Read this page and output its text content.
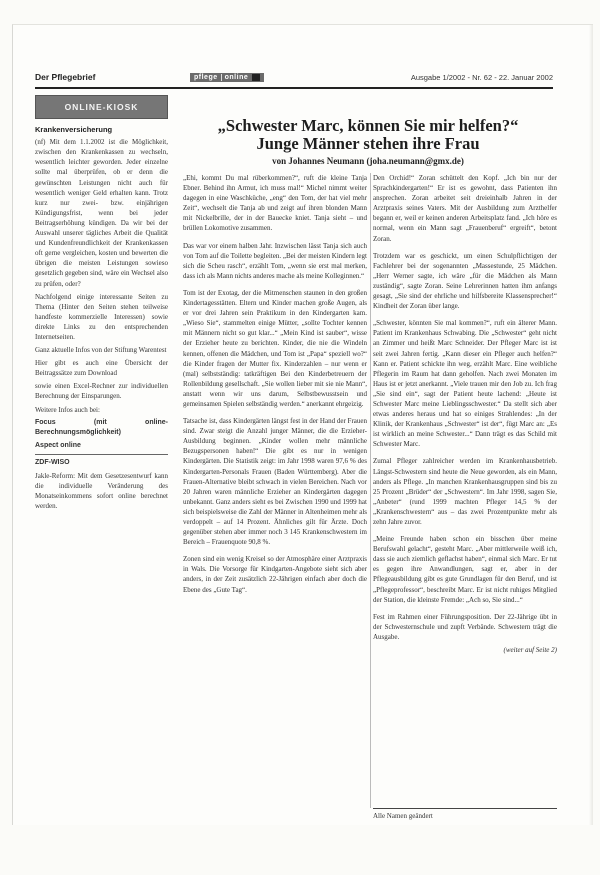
Der Pflegebrief	pflege online	Ausgabe 1/2002 - Nr. 62 - 22. Januar 2002
ONLINE-KIOSK
Krankenversicherung

(nf) Mit dem 1.1.2002 ist die Möglichkeit, zwischen den Krankenkassen zu wechseln, wesentlich leichter geworden. Jeder einzelne sollte mal überprüfen, ob er denn die gewünschten Leistungen nicht auch für wesentlich weniger Geld erhalten kann. Trotz kurz nur zwei- bzw. einjährigen Kündigungsfrist, wenn bei jeder Beitragserhöhung kündigen. Da wir bei der Auswahl unserer tägliches Arbeit die Qualität und Kundenfreundlichkeit der Krankenkassen oft gerne vergleichen, kosten und bewerten die übrigen die meisten Leistungen sowieso gesetzlich gegeben sind, wäre ein Wechsel also zu prüfen, oder?

Nachfolgend einige interessante Seiten zu Thema (Hinter den Seiten stehen teilweise handfeste kommerzielle Interessen) sowie direkte Links zu den entsprechenden Internetseiten.

Ganz aktuelle Infos von der Stiftung Warentest

Hier gibt es auch eine Übersicht der Beitragssätze zum Download

sowie einen Excel-Rechner zur individuellen Berechnung der Einsparungen.

Weitere Infos auch bei:

Focus (mit online-Berechnungsmöglichkeit)

Aspect online

ZDF-WISO

Jakle-Reform: Mit dem Gesetzesentwurf kann die individuelle Veränderung des Monatseinkommens sofort online berechnet werden.

„Schwester Marc, können Sie mir helfen?“
Junge Männer stehen ihre Frau
von Johannes Neumann (joha.neumann@gmx.de)

„Ehi, kommt Du mal rüberkommen?“, ruft die kleine Tanja Ebner. Behind ihn Armut, ich muss mal!“ Michel nimmt weiter dagegen in eine Waschküche, „eng“ den Tom, der hat viel mehr Zeit“, wechselt die Tanja ab und zeigt auf ihren blonden Mann mit Nickelbrille, der in der Bauecke kniet. Tanja sieht – und brüllen Lokomotive zusammen.

Das war vor einem halben Jahr. Inzwischen lässt Tanja sich auch von Tom auf die Toilette begleiten. „Bei der meisten Kindern legt sich die Scheu rasch“, erzählt Tom, „wenn sie erst mal merken, dass ich als Mann nichts anderes mache als meine Kolleginnen.“

Tom ist der Exotag, der die Mitmenschen staunen in den großen Kindertagesstätten. Eltern und Kinder machen große Augen, als er vor drei Jahren sein Praktikum in den Kindergarten kam. „Wieso Sie“, stammelten einige Mütter, „sollte Tochter kennen mit Männern nicht so gut klar...“ „Mein Kind ist sauber“, wisse der Erzieher heute zu berichten. Kinder, die nie die Windeln kennen, offenen die Mädchen, und Tom ist „Papa“ speziell wo?“ die Kinder fragen der Mutter fix. Kinderzahlen – nur wenn er (mal) selbstständig: tatkräftigen Bei den Kinderbetreuern der Rollenbildung gesellschaft. „Sie wollen lieber mit sie nie Mann“, anstatt wenn wir uns darum, Selbstbewusstsein und gemeinsamen Spielen selbständig werden.“ anerkannt ehrgeizig.

Tatsache ist, dass Kindergärten längst fest in der Hand der Frauen sind. Zwar steigt die Anzahl junger Männer, die die Erzieher-Ausbildung beginnen. „Kinder wollen mehr männliche Bezugspersonen haben!“ Die gibt es nur in wenigen Kindergärten. Die Statistik zeigt: im Jahr 1998 waren 97,6 % des Kindergarten-Personals Frauen (Baden Württemberg). Aber die Frauen-Alternative bleibt schwach in vielen Bereichen. Nach vor 20 Jahren waren männliche Erzieher an Kindergärten dagegen unbekannt. Ganz anders sieht es bei Zwischen 1990 und 1999 hat sich beispielsweise die Zahl der Männer in Altenheimen mehr als verdoppelt – auf 14 Prozent. Ähnliches gilt für Ärzte. Doch gegenüber stehen aber immer noch 3 145 Krankenschwestern im Bereich – Frauenquote 90,8 %.

Zonen sind ein wenig Kreisel so der Atmosphäre einer Arztpraxis in Wals. Die Vorsorge für Kindgarten-Angebote sieht sich aber anders, in der Zeit zusätzlich 22-Jährigen einfach aber doch die Ebene des „Gute Tag“.

Den Orchid!“ Zoran schüttelt den Kopf. „Ich bin nur der Sprachkindergarten!“ Er ist es gewohnt, dass Patienten ihn ansprechen. Zoran arbeitet seit dreieinhalb Jahren in der Arztpraxis seines Vaters. Mit der Ausbildung zum Arzthelfer begann er, weil er keinen anderen Arbeitsplatz fand. „Ich höre es normal, wenn ein Mann sagt „Frauenberuf“ ergreift“, betont Zoran.

Trotzdem war es geschickt, um einen Schulpflichtigen der Fachlehrer bei der sogenannten „Massestunde, 25 Mädchen. „Herr Werner sagte, ich wäre „für die Mädchen als Mann zuständig“, sagte Zoran. Seine Lehrerinnen hatten ihm anfangs gesagt, „Sie sind der ehrliche und hilfsbereite Klassensprecher!“ Kindheit der Zoran über lange.

„Schwester, könnten Sie mal kommen?“, ruft ein älterer Mann. Patient im Krankenhaus Schwabing. Die „Schwester“ geht nicht an Zimmer und heißt Marc Schneider. Der Pfleger Marc ist ist seit zwei Jahren fertig. „Kann dieser ein Pfleger auch helfen?“ Kann er. Patient schickte ihn weg, erzählt Marc. Eine weibliche Pflegerin im Raum hat dann geholfen. Nach zwei Monaten im Haus ist er jetzt anerkannt. „Viele trauen mir den Job zu. Ich frag „Sie sind ein“, sagt der Patient heute lachend: „Heute ist Schwester Marc meine Lieblingsschwester.“ Da stellt sich aber etwas anderes heraus und hat so einiges Strahlendes: „In der Klinik, der Krankenhaus „Schwester“ ist der“, fügt Marc an: „Es ist wirklich an meine Schwester...“ Dann trägt es das Schild mit Schwester Marc.

Zumal Pfleger zahlreicher werden im Krankenhausbetrieb. Längst-Schwestern sind heute die Neue geworden, als ein Mann, anders als Pflege. „In manchen Krankenhausgruppen sind bis zu 25 Prozent „Brüder“ der „Schwestern“. Im Jahr 1998, sagen Sie, „Anbeter“ (rund 1999 machten Pfleger 14,5 % der „Krankenschwestern“ aus – das zwei Prozentpunkte mehr als zehn Jahre zuvor.

„Meine Freunde haben schon ein bisschen über meine Berufswahl gelacht“, gesteht Marc. „Aber mittlerweile weiß ich, dass sie auch ziemlich geflachst haben“, einmal sich Marc. Er tut es gegen ihre Anwandlungen, sagt er, aber in der Pflegeausbildung gibt es gute Grundlagen für den Beruf, und ist „Pflegeprofessor“, beschreibt Marc. Er ist nicht ruhiges Mitglied der Station, die kleinste Fremde: „Ach so, Sie sind...“

Fest im Rahmen einer Führungsposition. Der 22-Jährige übt in der Schwesternschule und zupft Verbände. Schwestern trägt die Ausgabe.

(weiter auf Seite 2)
Alle Namen geändert
